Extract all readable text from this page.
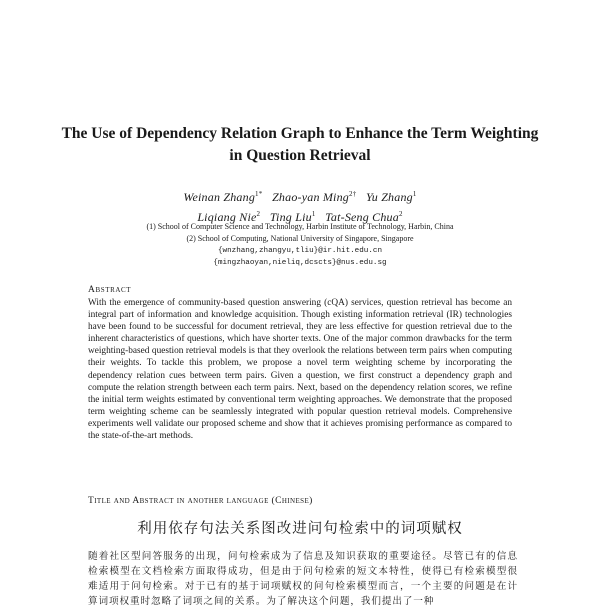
The Use of Dependency Relation Graph to Enhance the Term Weighting in Question Retrieval
Weinan Zhang$^{1*}$ Zhao-yan Ming$^{2\dagger}$ Yu Zhang$^1$
Liqiang Nie$^2$ Ting Liu$^1$ Tat-Seng Chua$^2$
(1) School of Computer Science and Technology, Harbin Institute of Technology, Harbin, China
(2) School of Computing, National University of Singapore, Singapore
{wnzhang,zhangyu,tliu}@ir.hit.edu.cn
{mingzhaoyan,nieliq,dcscts}@nus.edu.sg
Abstract
With the emergence of community-based question answering (cQA) services, question retrieval has become an integral part of information and knowledge acquisition. Though existing information retrieval (IR) technologies have been found to be successful for document retrieval, they are less effective for question retrieval due to the inherent characteristics of questions, which have shorter texts. One of the major common drawbacks for the term weighting-based question retrieval models is that they overlook the relations between term pairs when computing their weights. To tackle this problem, we propose a novel term weighting scheme by incorporating the dependency relation cues between term pairs. Given a question, we first construct a dependency graph and compute the relation strength between each term pairs. Next, based on the dependency relation scores, we refine the initial term weights estimated by conventional term weighting approaches. We demonstrate that the proposed term weighting scheme can be seamlessly integrated with popular question retrieval models. Comprehensive experiments well validate our proposed scheme and show that it achieves promising performance as compared to the state-of-the-art methods.
Title and Abstract in another language (Chinese)
利用依存句法关系图改进问句检索中的词项赋权
随着社区型问答服务的出现，问句检索成为了信息及知识获取的重要途径。尽管已有的信息检索模型在文档检索方面取得成功，但是由于问句检索的短文本特性，使得已有检索模型很难适用于问句检索。对于已有的基于词项赋权的问句检索模型而言，一个主要的问题是在计算词项权重时忽略了词项之间的关系。为了解决这个问题，我们提出了一种
